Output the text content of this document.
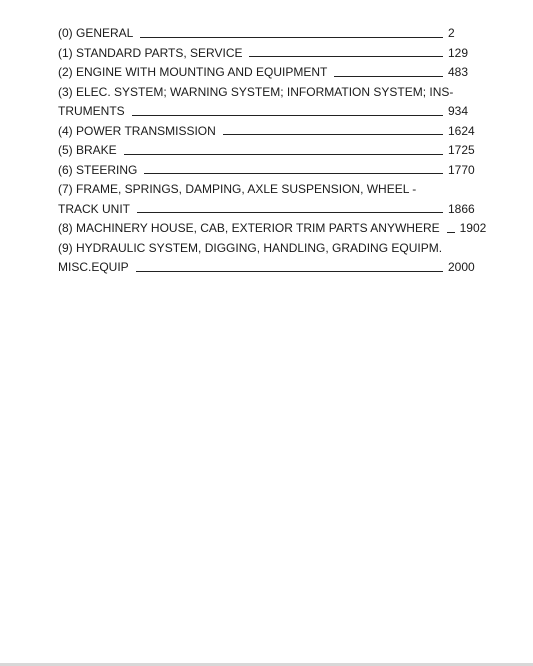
(0) GENERAL	2
(1) STANDARD PARTS, SERVICE	129
(2) ENGINE WITH MOUNTING AND EQUIPMENT	483
(3) ELEC. SYSTEM; WARNING SYSTEM; INFORMATION SYSTEM; INS-
TRUMENTS	934
(4) POWER TRANSMISSION	1624
(5) BRAKE	1725
(6) STEERING	1770
(7) FRAME, SPRINGS, DAMPING, AXLE SUSPENSION, WHEEL -
TRACK UNIT	1866
(8) MACHINERY HOUSE, CAB, EXTERIOR TRIM PARTS ANYWHERE 1902
(9) HYDRAULIC SYSTEM, DIGGING, HANDLING, GRADING EQUIPM.
MISC.EQUIP	2000
